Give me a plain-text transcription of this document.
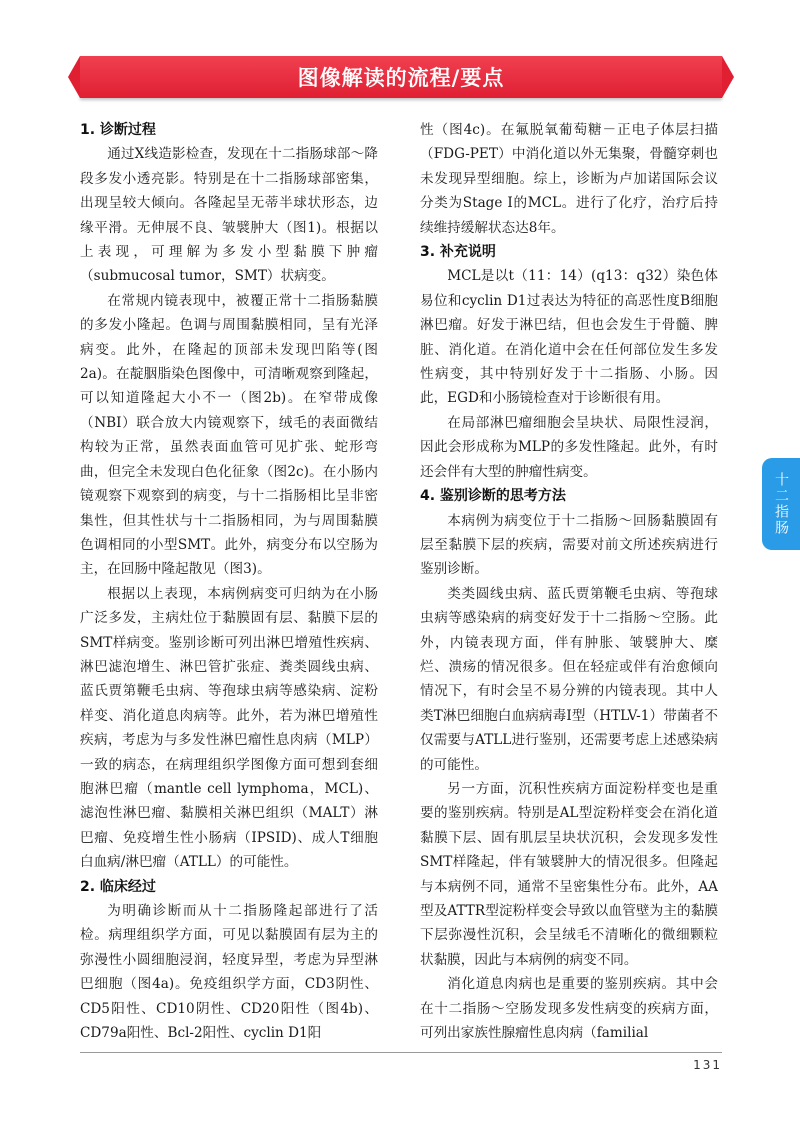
图像解读的流程/要点
1. 诊断过程

通过X线造影检查，发现在十二指肠球部～降段多发小透亮影。特别是在十二指肠球部密集，出现呈较大倾向。各隆起呈无蒂半球状形态，边缘平滑。无伸展不良、皱襞肿大（图1)。根据以上表现，可理解为多发小型黏膜下肿瘤（submucosal tumor，SMT）状病变。

在常规内镜表现中，被覆正常十二指肠黏膜的多发小隆起。色调与周围黏膜相同，呈有光泽病变。此外，在隆起的顶部未发现凹陷等(图2a)。在靛胭脂染色图像中，可清晰观察到隆起，可以知道隆起大小不一（图2b)。在窄带成像（NBI）联合放大内镜观察下，绒毛的表面微结构较为正常，虽然表面血管可见扩张、蛇形弯曲，但完全未发现白色化征象（图2c)。在小肠内镜观察下观察到的病变，与十二指肠相比呈非密集性，但其性状与十二指肠相同，为与周围黏膜色调相同的小型SMT。此外，病变分布以空肠为主，在回肠中隆起散见（图3)。

根据以上表现，本病例病变可归纳为在小肠广泛多发，主病灶位于黏膜固有层、黏膜下层的SMT样病变。鉴别诊断可列出淋巴增殖性疾病、淋巴滤泡增生、淋巴管扩张症、粪类圆线虫病、蓝氏贾第鞭毛虫病、等孢球虫病等感染病、淀粉样变、消化道息肉病等。此外，若为淋巴增殖性疾病，考虑为与多发性淋巴瘤性息肉病（MLP）一致的病态，在病理组织学图像方面可想到套细胞淋巴瘤（mantle cell lymphoma，MCL)、滤泡性淋巴瘤、黏膜相关淋巴组织（MALT）淋巴瘤、免疫增生性小肠病（IPSID)、成人T细胞白血病/淋巴瘤（ATLL）的可能性。

2. 临床经过

为明确诊断而从十二指肠隆起部进行了活检。病理组织学方面，可见以黏膜固有层为主的弥漫性小圆细胞浸润，轻度异型，考虑为异型淋巴细胞（图4a)。免疫组织学方面，CD3阴性、CD5阳性、CD10阴性、CD20阳性（图4b)、CD79a阳性、Bcl-2阳性、cyclin D1阳

性（图4c)。在氟脱氧葡萄糖－正电子体层扫描（FDG-PET）中消化道以外无集聚，骨髓穿刺也未发现异型细胞。综上，诊断为卢加诺国际会议分类为Stage Ⅰ的MCL。进行了化疗，治疗后持续维持缓解状态达8年。

3. 补充说明

MCL是以t（11：14）(q13：q32）染色体易位和cyclin D1过表达为特征的高恶性度B细胞淋巴瘤。好发于淋巴结，但也会发生于骨髓、脾脏、消化道。在消化道中会在任何部位发生多发性病变，其中特别好发于十二指肠、小肠。因此，EGD和小肠镜检查对于诊断很有用。

在局部淋巴瘤细胞会呈块状、局限性浸润，因此会形成称为MLP的多发性隆起。此外，有时还会伴有大型的肿瘤性病变。

4. 鉴别诊断的思考方法

本病例为病变位于十二指肠～回肠黏膜固有层至黏膜下层的疾病，需要对前文所述疾病进行鉴别诊断。

类类圆线虫病、蓝氏贾第鞭毛虫病、等孢球虫病等感染病的病变好发于十二指肠～空肠。此外，内镜表现方面，伴有肿胀、皱襞肿大、糜烂、溃疡的情况很多。但在轻症或伴有治愈倾向情况下，有时会呈不易分辨的内镜表现。其中人类T淋巴细胞白血病病毒Ⅰ型（HTLV-1）带菌者不仅需要与ATLL进行鉴别，还需要考虑上述感染病的可能性。

另一方面，沉积性疾病方面淀粉样变也是重要的鉴别疾病。特别是AL型淀粉样变会在消化道黏膜下层、固有肌层呈块状沉积，会发现多发性SMT样隆起，伴有皱襞肿大的情况很多。但隆起与本病例不同，通常不呈密集性分布。此外，AA型及ATTR型淀粉样变会导致以血管壁为主的黏膜下层弥漫性沉积，会呈绒毛不清晰化的微细颗粒状黏膜，因此与本病例的病变不同。

消化道息肉病也是重要的鉴别疾病。其中会在十二指肠～空肠发现多发性病变的疾病方面，可列出家族性腺瘤性息肉病（familial

十二指肠
131
